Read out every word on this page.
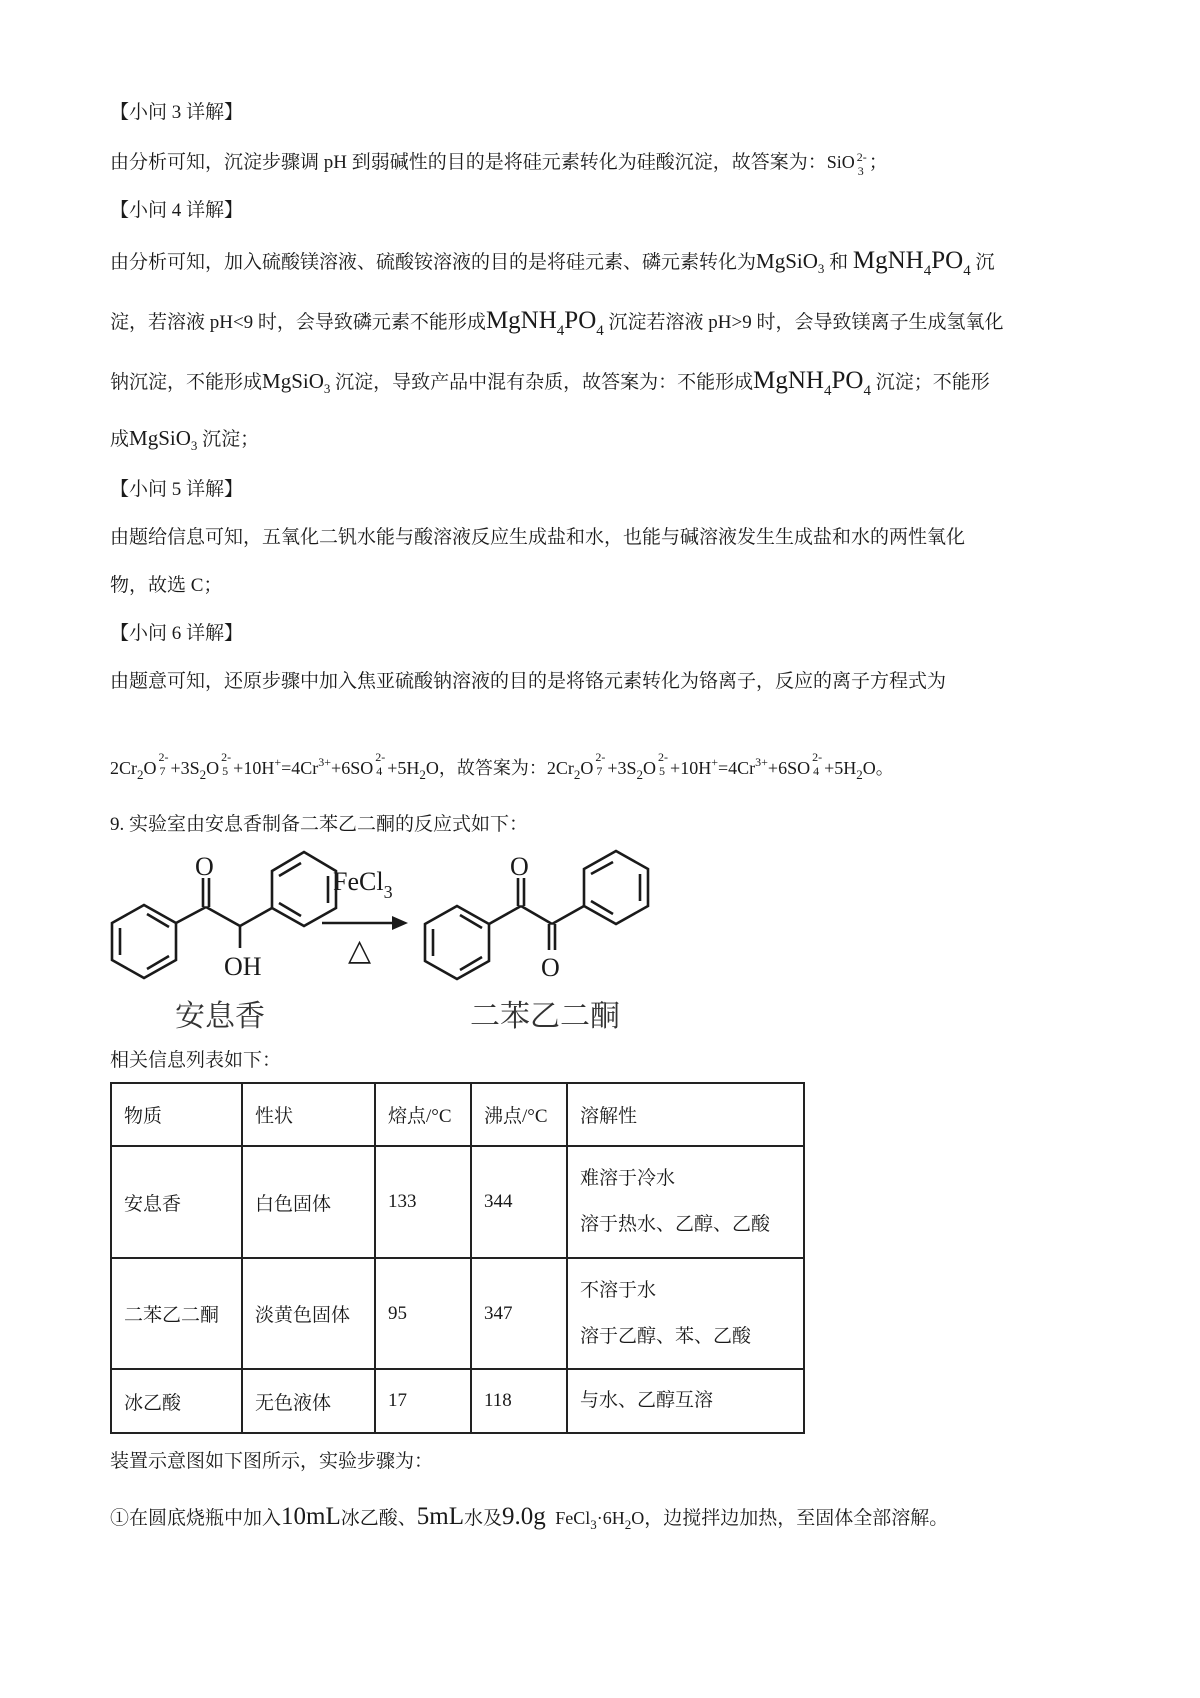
【小问 3 详解】
由分析可知，沉淀步骤调 pH 到弱碱性的目的是将硅元素转化为硅酸沉淀，故答案为：SiO 2-
3 ；
【小问 4 详解】
由分析可知，加入硫酸镁溶液、硫酸铵溶液的目的是将硅元素、磷元素转化为MgSiO$_3$ 和 $MgNH_4PO_4$ 沉
淀，若溶液 pH<9 时，会导致磷元素不能形成$MgNH_4PO_4$ 沉淀若溶液 pH>9 时，会导致镁离子生成氢氧化
钠沉淀，不能形成MgSiO$_3$ 沉淀，导致产品中混有杂质，故答案为：不能形成$MgNH_4PO_4$ 沉淀；不能形
成MgSiO$_3$ 沉淀；
【小问 5 详解】
由题给信息可知，五氧化二钒水能与酸溶液反应生成盐和水，也能与碱溶液发生生成盐和水的两性氧化
物，故选 C；
【小问 6 详解】
由题意可知，还原步骤中加入焦亚硫酸钠溶液的目的是将铬元素转化为铬离子，反应的离子方程式为
$2Cr_2O$
2-
$7 +3S_2O$
2-
$5 +10H^+=4Cr^{3+}+6SO$
2-
$4 +5H_2O$，故答案为：$2Cr_2O$
2-
$7 +3S_2O$
2-
$5 +10H^+=4Cr^{3+}+6SO$
2-
$4 +5H_2O$。
9. 实验室由安息香制备二苯乙二酮的反应式如下：
O
OH
FeCl$_3$
△
O
O
安息香	二苯乙二酮
相关信息列表如下：
物质	性状	熔点/°C	沸点/°C	溶解性
安息香	白色固体	133	344	难溶于冷水
溶于热水、乙醇、乙酸

二苯乙二酮	淡黄色固体	95	347	不溶于水
溶于乙醇、苯、乙酸

冰乙酸	无色液体	17	118	与水、乙醇互溶
装置示意图如下图所示，实验步骤为：
①在圆底烧瓶中加入10mL冰乙酸、5mL水及9.0g $FeCl_3\cdot 6H_2O$，边搅拌边加热，至固体全部溶解。
